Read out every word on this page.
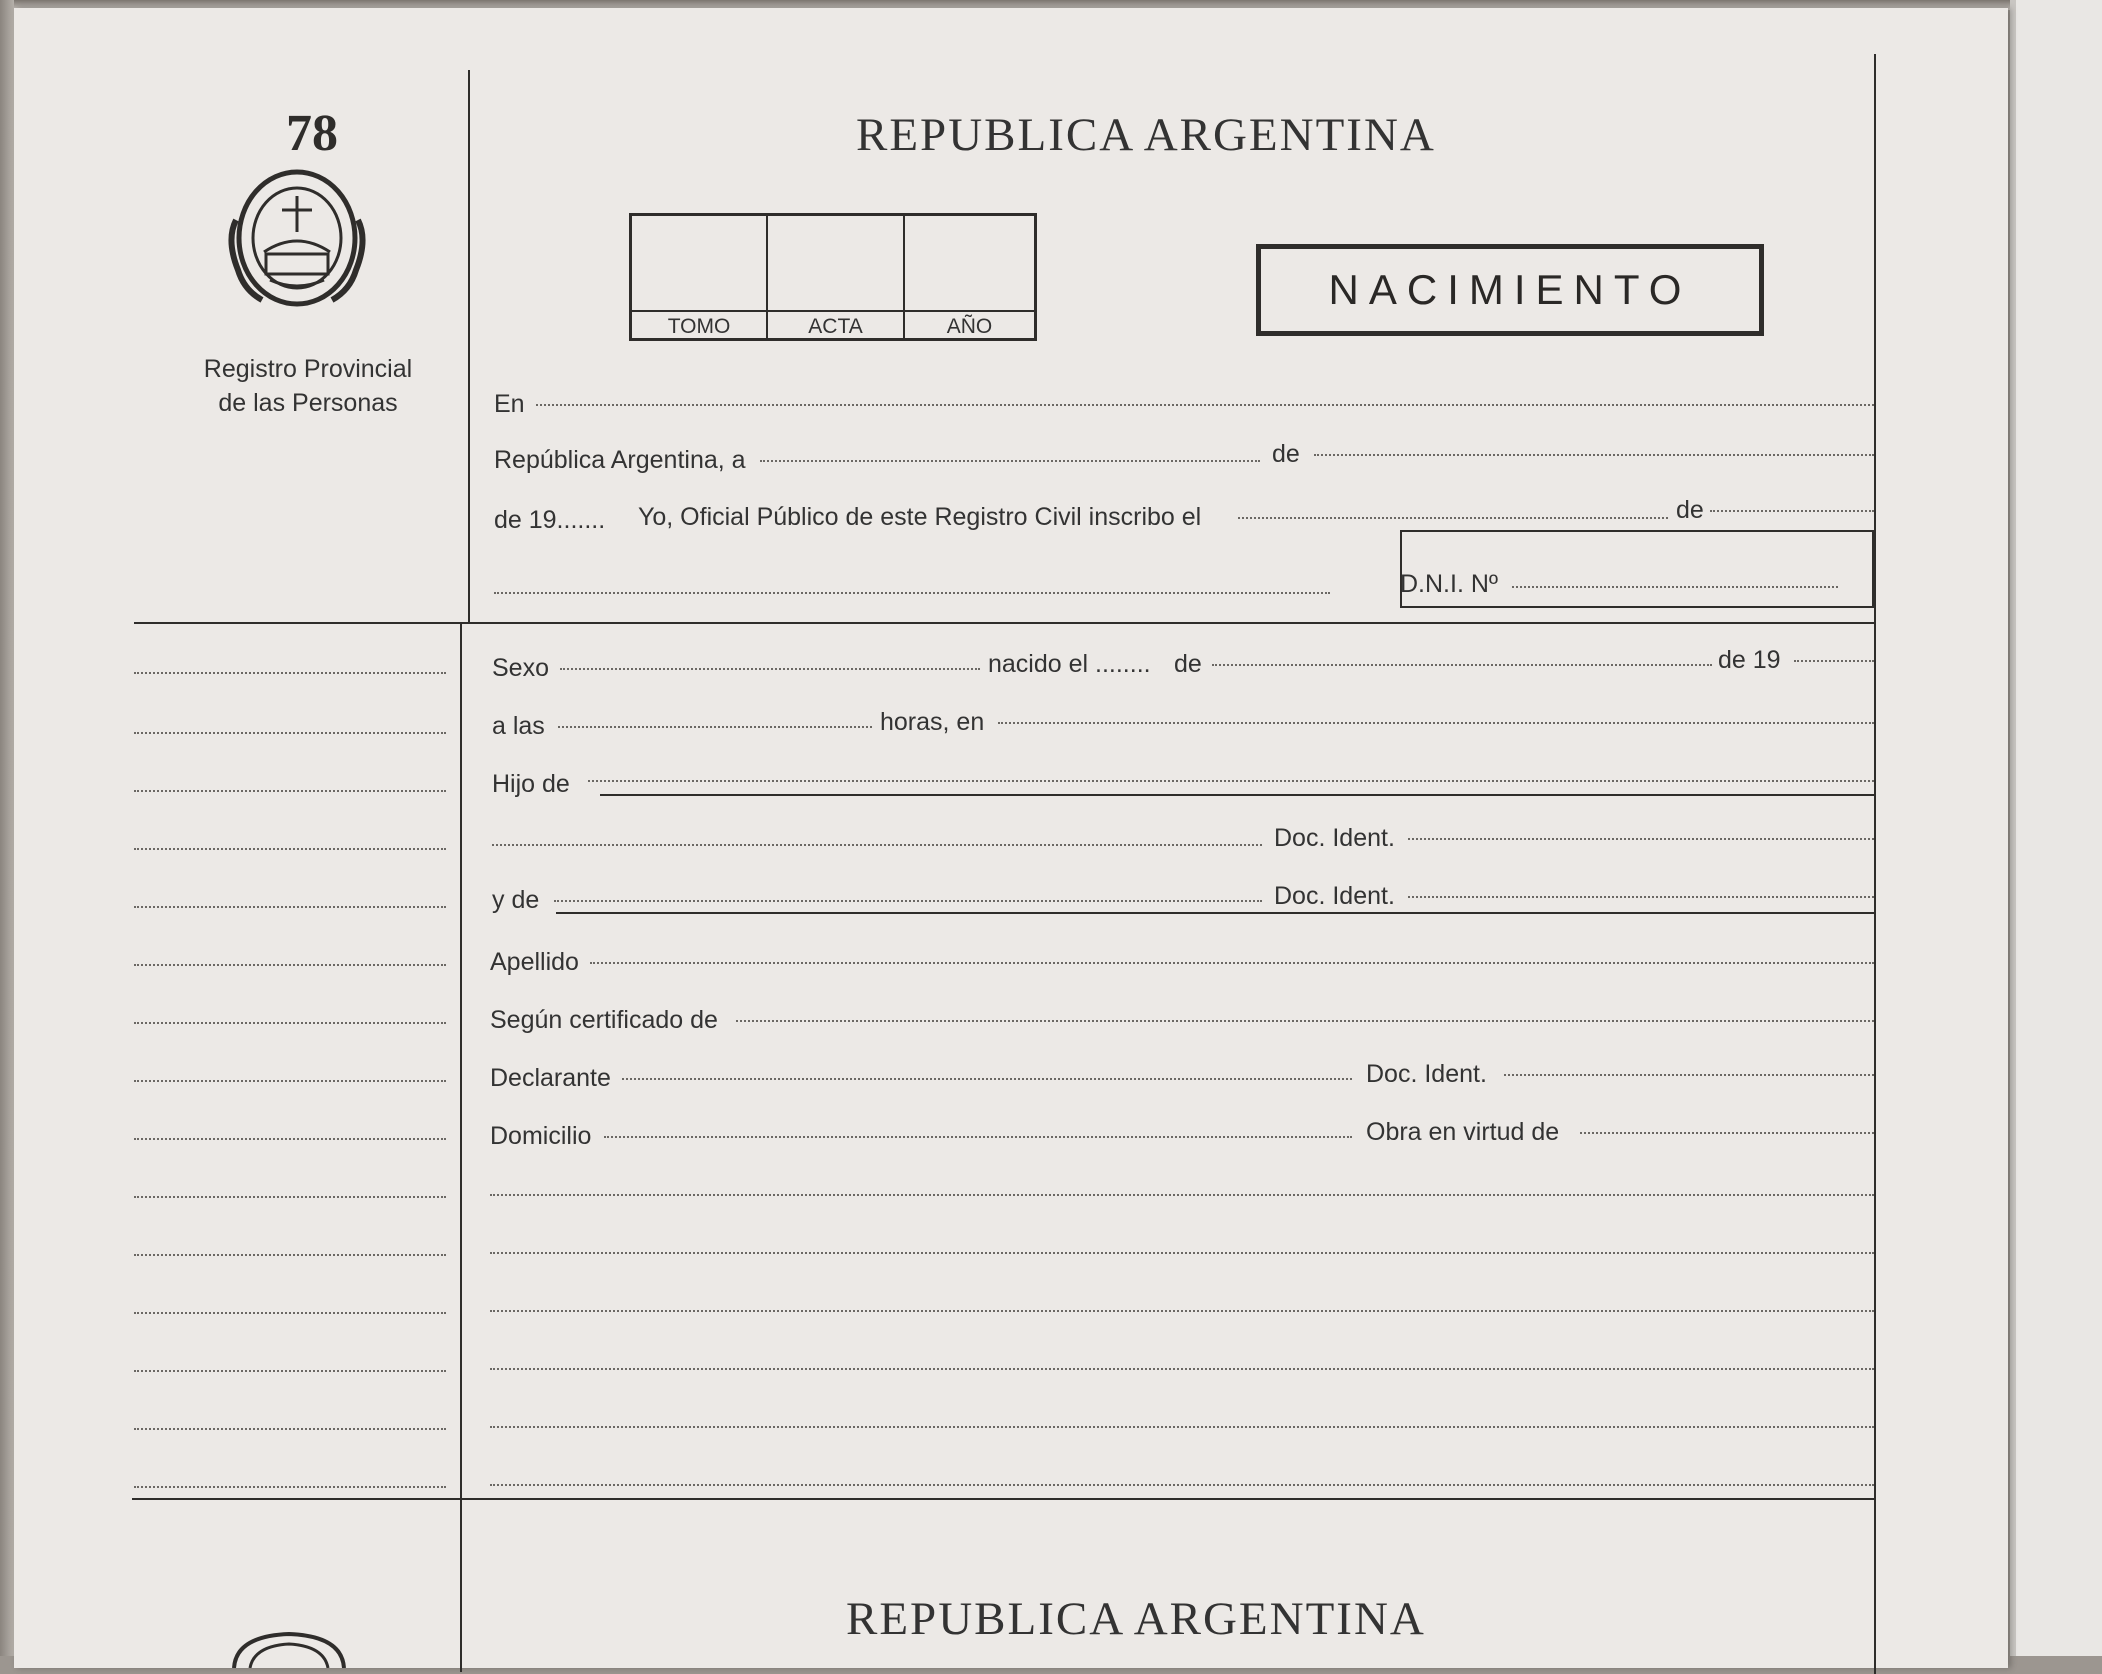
78
Registro Provincial
de las Personas
REPUBLICA ARGENTINA
TOMO	ACTA	AÑO
NACIMIENTO
En
República Argentina, a	de
de 19....... Yo, Oficial Público de este Registro Civil inscribo el	de
D.N.I. Nº
Sexo	nacido el ........ de	de 19
a las	horas, en
Hijo de
Doc. Ident.
y de	Doc. Ident.
Apellido
Según certificado de
Declarante	Doc. Ident.
Domicilio	Obra en virtud de
REPUBLICA ARGENTINA
